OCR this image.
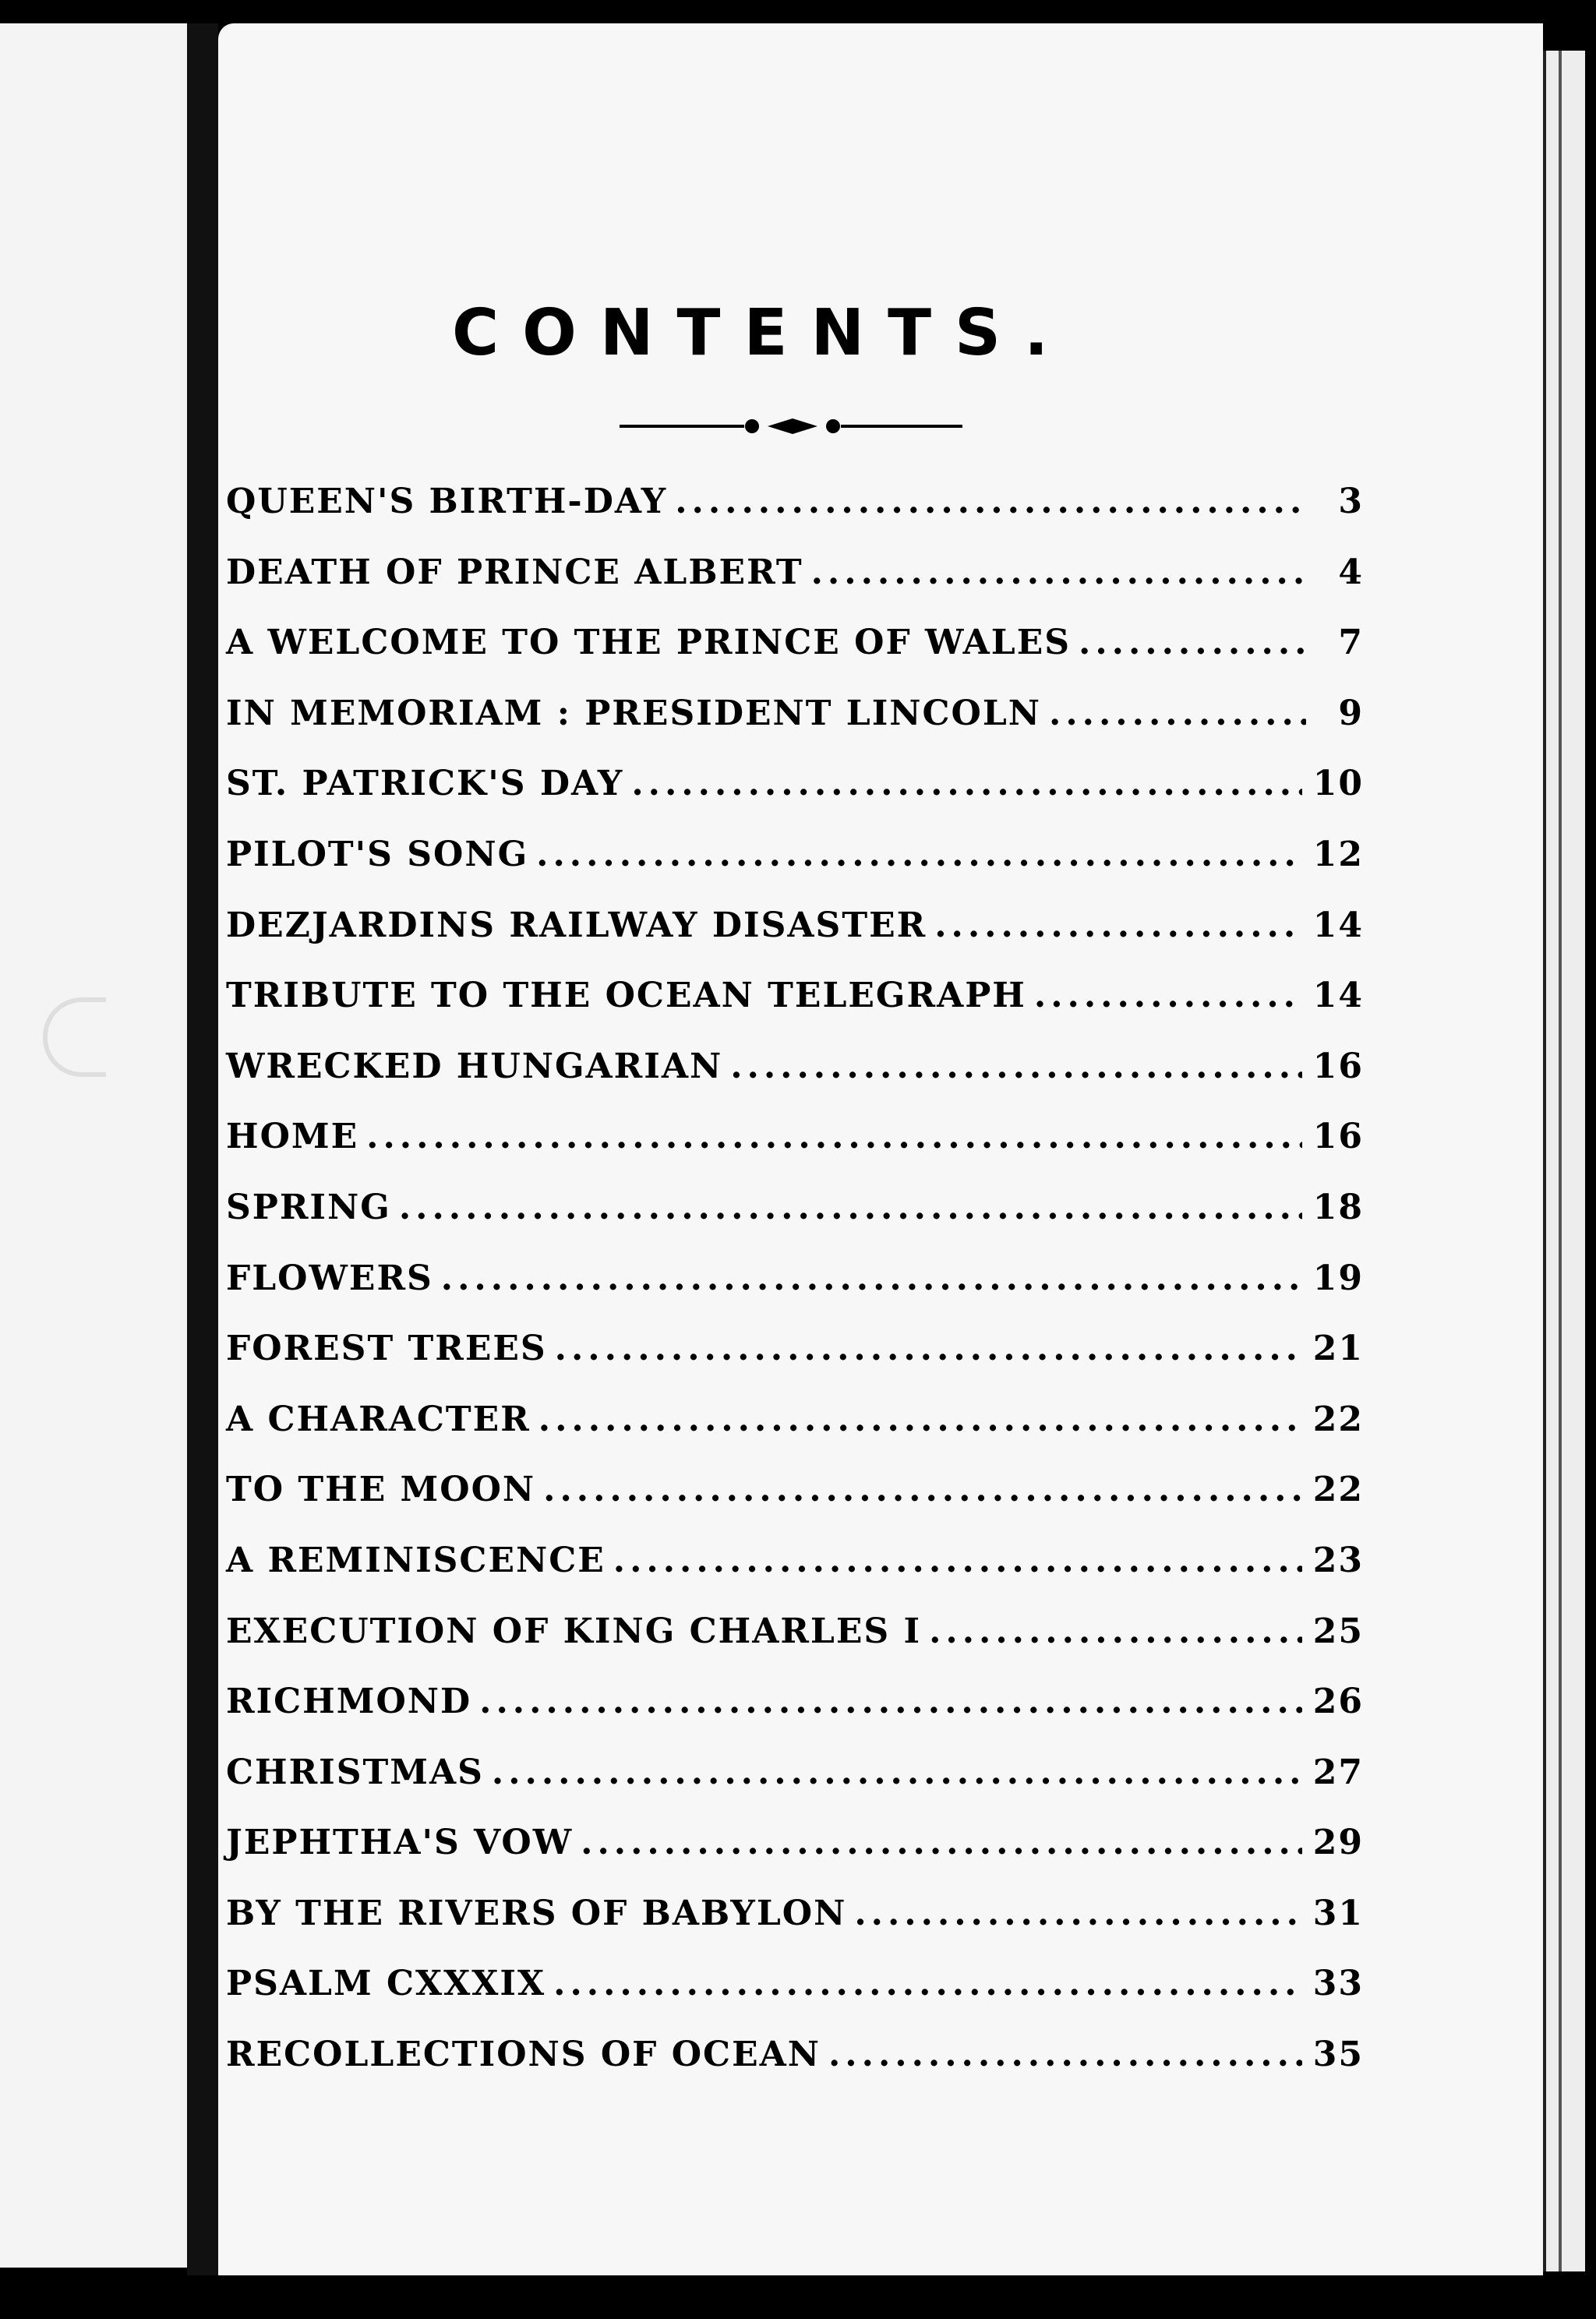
CONTENTS.
QUEEN'S BIRTH-DAY .....	3
DEATH OF PRINCE ALBERT .....	4
A WELCOME TO THE PRINCE OF WALES .....	7
IN MEMORIAM : PRESIDENT LINCOLN .....	9
ST. PATRICK'S DAY .....	10
PILOT'S SONG .....	12
DEZJARDINS RAILWAY DISASTER .....	14
TRIBUTE TO THE OCEAN TELEGRAPH .....	14
WRECKED HUNGARIAN .....	16
HOME .....	16
SPRING .....	18
FLOWERS .....	19
FOREST TREES .....	21
A CHARACTER .....	22
TO THE MOON .....	22
A REMINISCENCE .....	23
EXECUTION OF KING CHARLES I .....	25
RICHMOND .....	26
CHRISTMAS .....	27
JEPHTHA'S VOW .....	29
BY THE RIVERS OF BABYLON .....	31
PSALM CXXXIX .....	33
RECOLLECTIONS OF OCEAN .....	35
